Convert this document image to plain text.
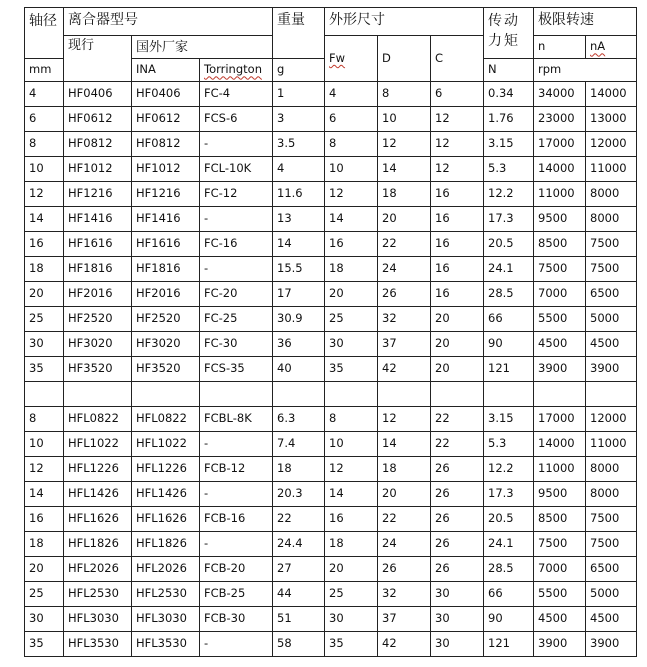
轴径	离合器型号			重量	外形尺寸			传动力矩	极限转速	
	现行	国外厂家			Fw	D	C		n	nA
mm		INA	Torrington	g				N	rpm	
4	HF0406	HF0406	FC-4	1	4	8	6	0.34	34000	14000
6	HF0612	HF0612	FCS-6	3	6	10	12	1.76	23000	13000
8	HF0812	HF0812	-	3.5	8	12	12	3.15	17000	12000
10	HF1012	HF1012	FCL-10K	4	10	14	12	5.3	14000	11000
12	HF1216	HF1216	FC-12	11.6	12	18	16	12.2	11000	8000
14	HF1416	HF1416	-	13	14	20	16	17.3	9500	8000
16	HF1616	HF1616	FC-16	14	16	22	16	20.5	8500	7500
18	HF1816	HF1816	-	15.5	18	24	16	24.1	7500	7500
20	HF2016	HF2016	FC-20	17	20	26	16	28.5	7000	6500
25	HF2520	HF2520	FC-25	30.9	25	32	20	66	5500	5000
30	HF3020	HF3020	FC-30	36	30	37	20	90	4500	4500
35	HF3520	HF3520	FCS-35	40	35	42	20	121	3900	3900

8	HFL0822	HFL0822	FCBL-8K	6.3	8	12	22	3.15	17000	12000
10	HFL1022	HFL1022	-	7.4	10	14	22	5.3	14000	11000
12	HFL1226	HFL1226	FCB-12	18	12	18	26	12.2	11000	8000
14	HFL1426	HFL1426	-	20.3	14	20	26	17.3	9500	8000
16	HFL1626	HFL1626	FCB-16	22	16	22	26	20.5	8500	7500
18	HFL1826	HFL1826	-	24.4	18	24	26	24.1	7500	7500
20	HFL2026	HFL2026	FCB-20	27	20	26	26	28.5	7000	6500
25	HFL2530	HFL2530	FCB-25	44	25	32	30	66	5500	5000
30	HFL3030	HFL3030	FCB-30	51	30	37	30	90	4500	4500
35	HFL3530	HFL3530	-	58	35	42	30	121	3900	3900
